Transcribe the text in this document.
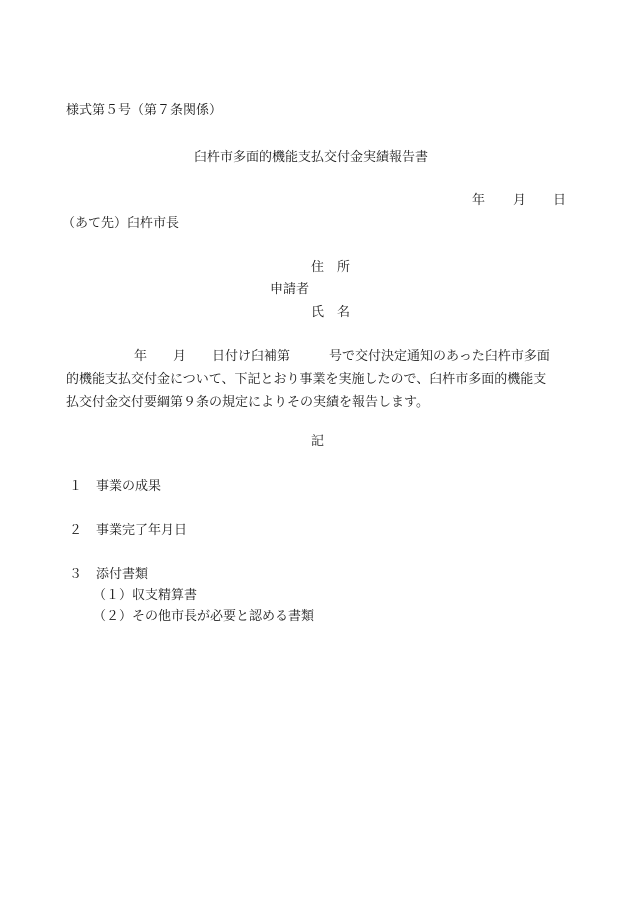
様式第５号（第７条関係）
臼杵市多面的機能支払交付金実績報告書
年 月 日
（あて先）臼杵市長
住　所
申請者
氏　名
年　　月　　日付け臼補第　　　号で交付決定通知のあった臼杵市多面
的機能支払交付金について、下記とおり事業を実施したので、臼杵市多面的機能支
払交付金交付要綱第９条の規定によりその実績を報告します。
記
１ 事業の成果
２ 事業完了年月日
３ 添付書類
（１）収支精算書
（２）その他市長が必要と認める書類
